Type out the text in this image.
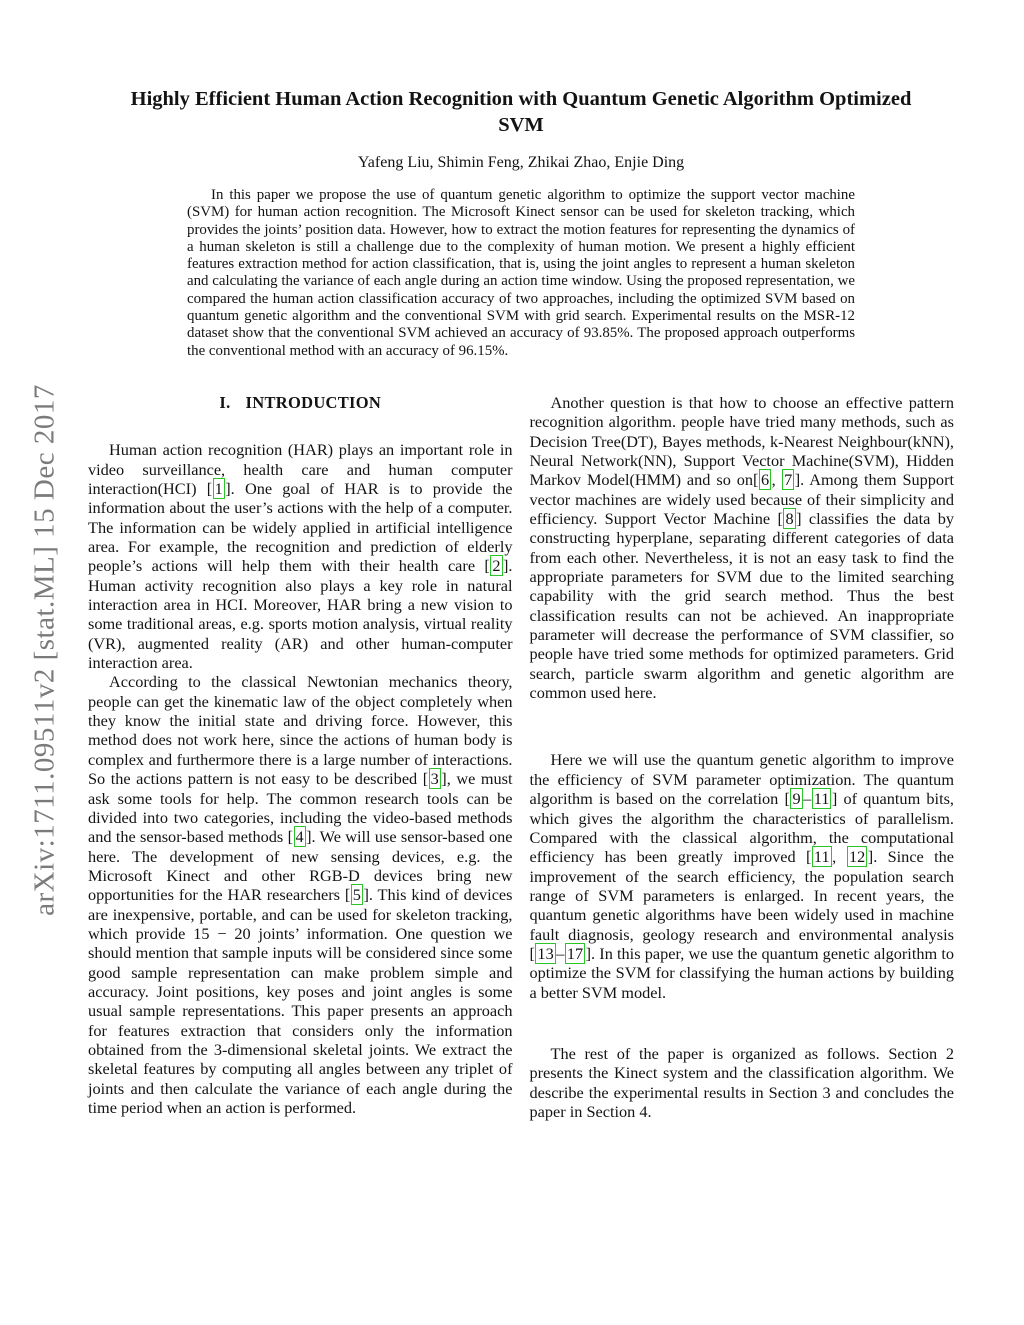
arXiv:1711.09511v2 [stat.ML] 15 Dec 2017
Highly Efficient Human Action Recognition with Quantum Genetic Algorithm Optimized SVM
Yafeng Liu, Shimin Feng, Zhikai Zhao, Enjie Ding
In this paper we propose the use of quantum genetic algorithm to optimize the support vector machine (SVM) for human action recognition. The Microsoft Kinect sensor can be used for skeleton tracking, which provides the joints’ position data. However, how to extract the motion features for representing the dynamics of a human skeleton is still a challenge due to the complexity of human motion. We present a highly efficient features extraction method for action classification, that is, using the joint angles to represent a human skeleton and calculating the variance of each angle during an action time window. Using the proposed representation, we compared the human action classification accuracy of two approaches, including the optimized SVM based on quantum genetic algorithm and the conventional SVM with grid search. Experimental results on the MSR-12 dataset show that the conventional SVM achieved an accuracy of 93.85%. The proposed approach outperforms the conventional method with an accuracy of 96.15%.
I. INTRODUCTION

Human action recognition (HAR) plays an important role in video surveillance, health care and human computer interaction(HCI) [ 1 ]. One goal of HAR is to provide the information about the user’s actions with the help of a computer. The information can be widely applied in artificial intelligence area. For example, the recognition and prediction of elderly people’s actions will help them with their health care [ 2 ]. Human activity recognition also plays a key role in natural interaction area in HCI. Moreover, HAR bring a new vision to some traditional areas, e.g. sports motion analysis, virtual reality (VR), augmented reality (AR) and other human-computer interaction area.

According to the classical Newtonian mechanics theory, people can get the kinematic law of the object completely when they know the initial state and driving force. However, this method does not work here, since the actions of human body is complex and furthermore there is a large number of interactions. So the actions pattern is not easy to be described [ 3 ], we must ask some tools for help. The common research tools can be divided into two categories, including the video-based methods and the sensor-based methods [ 4 ]. We will use sensor-based one here. The development of new sensing devices, e.g. the Microsoft Kinect and other RGB-D devices bring new opportunities for the HAR researchers [ 5 ]. This kind of devices are inexpensive, portable, and can be used for skeleton tracking, which provide 15 − 20 joints’ information. One question we should mention that sample inputs will be considered since some good sample representation can make problem simple and accuracy. Joint positions, key poses and joint angles is some usual sample representations. This paper presents an approach for features extraction that considers only the information obtained from the 3-dimensional skeletal joints. We extract the skeletal features by computing all angles between any triplet of joints and then calculate the variance of each angle during the time period when an action is performed.

Another question is that how to choose an effective pattern recognition algorithm. people have tried many methods, such as Decision Tree(DT), Bayes methods, k-Nearest Neighbour(kNN), Neural Network(NN), Support Vector Machine(SVM), Hidden Markov Model(HMM) and so on[ 6 , 7 ]. Among them Support vector machines are widely used because of their simplicity and efficiency. Support Vector Machine [ 8 ] classifies the data by constructing hyperplane, separating different categories of data from each other. Nevertheless, it is not an easy task to find the appropriate parameters for SVM due to the limited searching capability with the grid search method. Thus the best classification results can not be achieved. An inappropriate parameter will decrease the performance of SVM classifier, so people have tried some methods for optimized parameters. Grid search, particle swarm algorithm and genetic algorithm are common used here.

Here we will use the quantum genetic algorithm to improve the efficiency of SVM parameter optimization. The quantum algorithm is based on the correlation [ 9 – 11 ] of quantum bits, which gives the algorithm the characteristics of parallelism. Compared with the classical algorithm, the computational efficiency has been greatly improved [ 11 , 12 ]. Since the improvement of the search efficiency, the population search range of SVM parameters is enlarged. In recent years, the quantum genetic algorithms have been widely used in machine fault diagnosis, geology research and environmental analysis [ 13 – 17 ]. In this paper, we use the quantum genetic algorithm to optimize the SVM for classifying the human actions by building a better SVM model.

The rest of the paper is organized as follows. Section 2 presents the Kinect system and the classification algorithm. We describe the experimental results in Section 3 and concludes the paper in Section 4.
